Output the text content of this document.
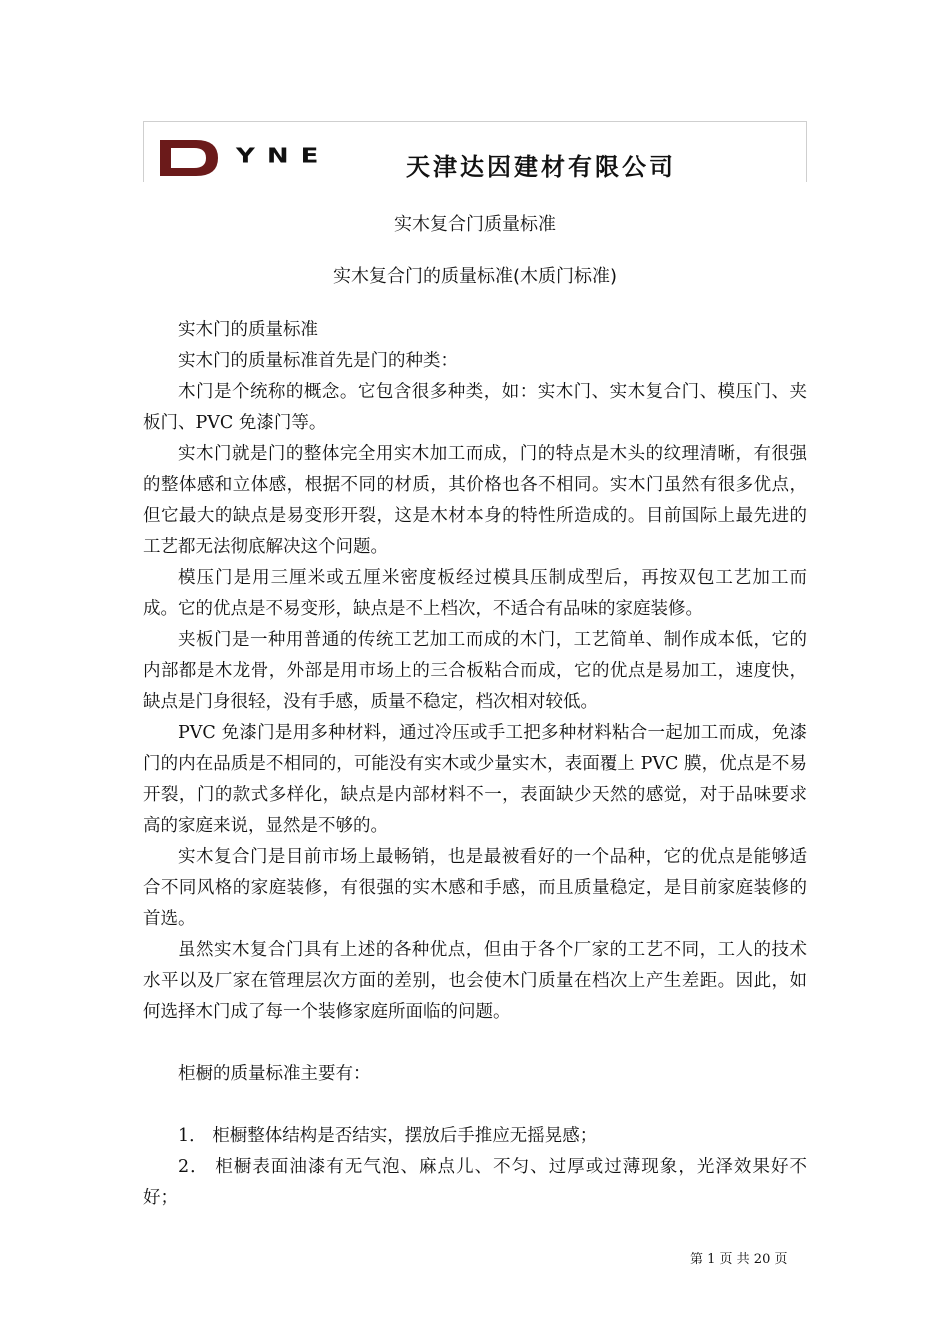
YNE	天津达因建材有限公司
实木复合门质量标准
实木复合门的质量标准(木质门标准)

实木门的质量标准

实木门的质量标准首先是门的种类：

木门是个统称的概念。它包含很多种类，如：实木门、实木复合门、模压门、夹板门、PVC 免漆门等。

实木门就是门的整体完全用实木加工而成，门的特点是木头的纹理清晰，有很强的整体感和立体感，根据不同的材质，其价格也各不相同。实木门虽然有很多优点，但它最大的缺点是易变形开裂，这是木材本身的特性所造成的。目前国际上最先进的工艺都无法彻底解决这个问题。

模压门是用三厘米或五厘米密度板经过模具压制成型后，再按双包工艺加工而成。它的优点是不易变形，缺点是不上档次，不适合有品味的家庭装修。

夹板门是一种用普通的传统工艺加工而成的木门，工艺简单、制作成本低，它的内部都是木龙骨，外部是用市场上的三合板粘合而成，它的优点是易加工，速度快，缺点是门身很轻，没有手感，质量不稳定，档次相对较低。

PVC 免漆门是用多种材料，通过冷压或手工把多种材料粘合一起加工而成，免漆门的内在品质是不相同的，可能没有实木或少量实木，表面覆上 PVC 膜，优点是不易开裂，门的款式多样化，缺点是内部材料不一，表面缺少天然的感觉，对于品味要求高的家庭来说，显然是不够的。

实木复合门是目前市场上最畅销，也是最被看好的一个品种，它的优点是能够适合不同风格的家庭装修，有很强的实木感和手感，而且质量稳定，是目前家庭装修的首选。

虽然实木复合门具有上述的各种优点，但由于各个厂家的工艺不同，工人的技术水平以及厂家在管理层次方面的差别，也会使木门质量在档次上产生差距。因此，如何选择木门成了每一个装修家庭所面临的问题。

柜橱的质量标准主要有：

1． 柜橱整体结构是否结实，摆放后手推应无摇晃感；

2． 柜橱表面油漆有无气泡、麻点儿、不匀、过厚或过薄现象，光泽效果好不好；

第 1 页 共 20 页
